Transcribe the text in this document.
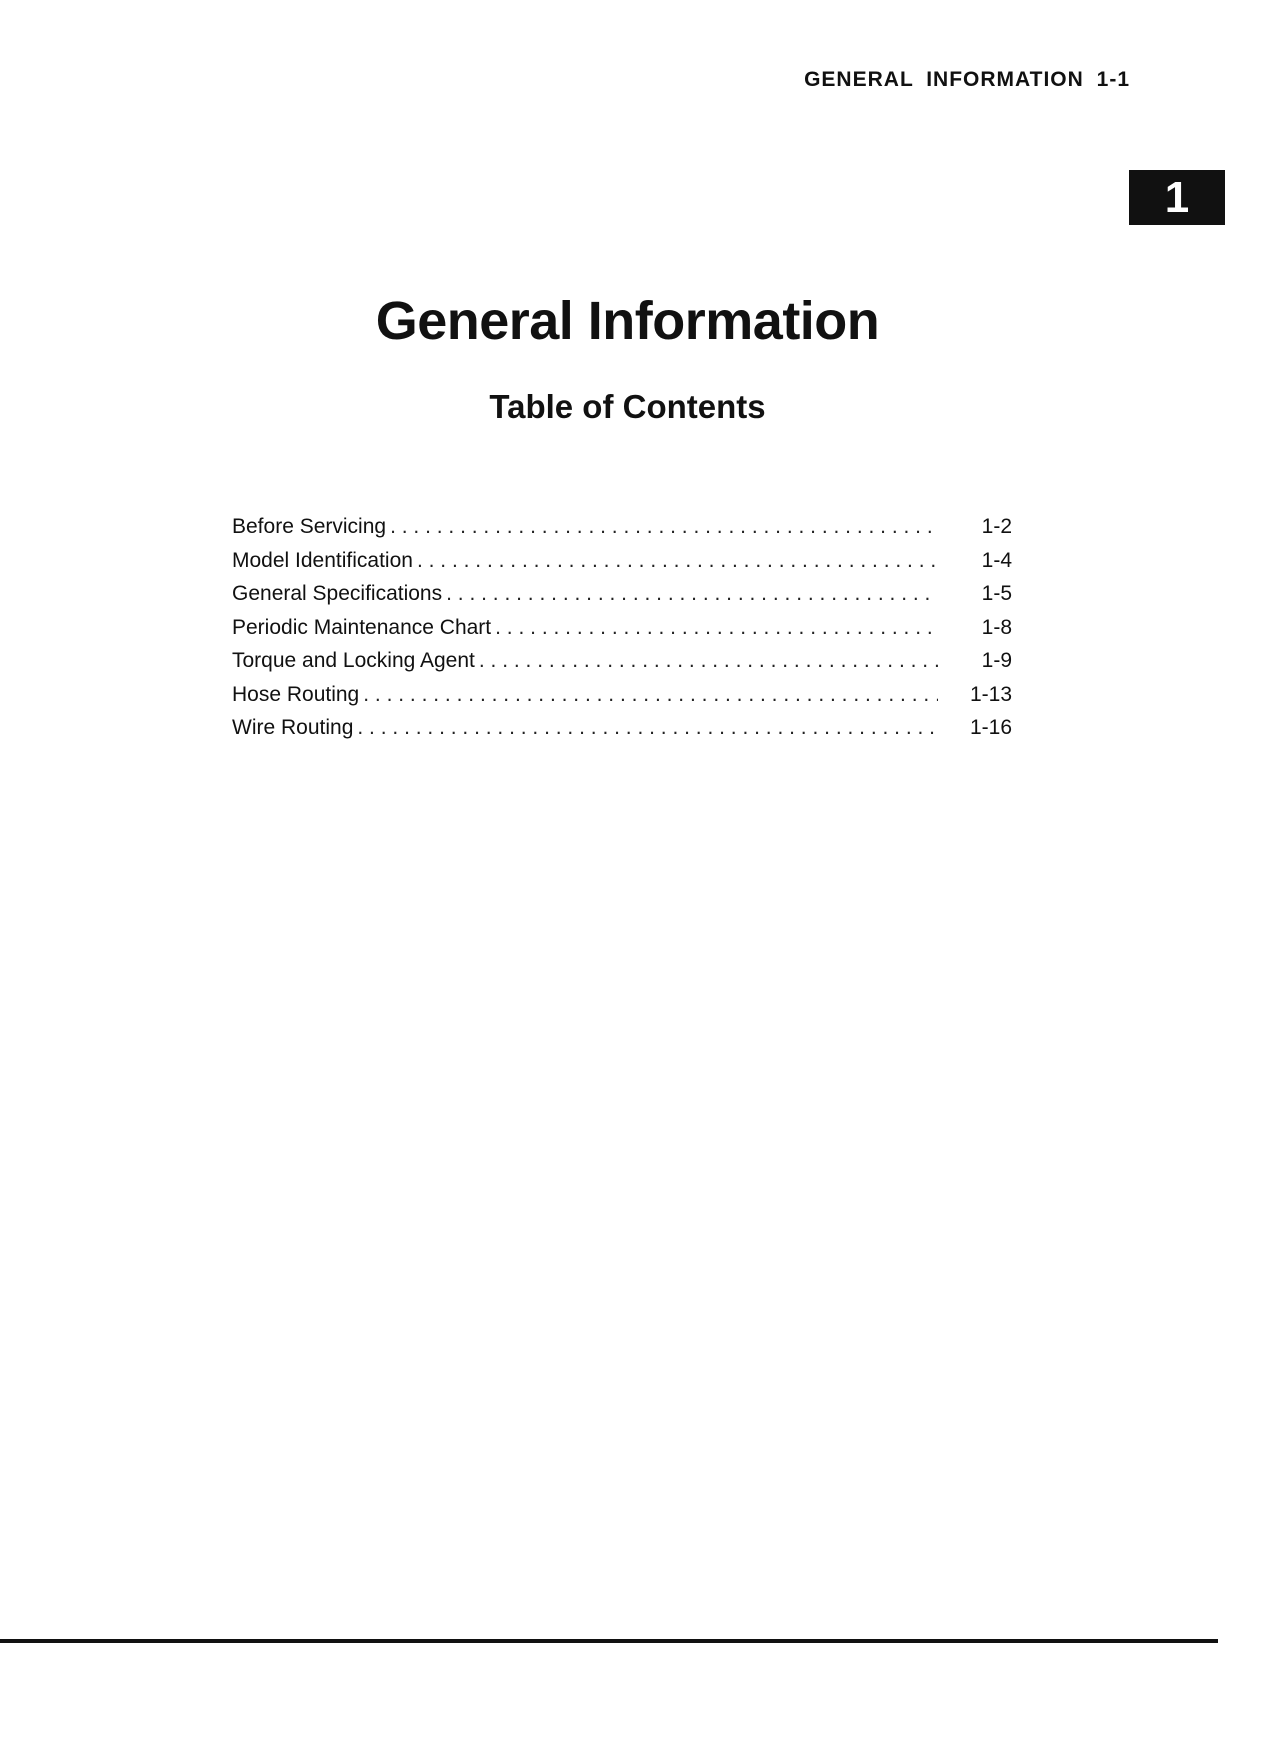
GENERAL INFORMATION 1-1
1
General Information
Table of Contents
Before Servicing . . .	1-2
Model Identification . . .	1-4
General Specifications . . .	1-5
Periodic Maintenance Chart . . .	1-8
Torque and Locking Agent . . .	1-9
Hose Routing . . .	1-13
Wire Routing . . .	1-16
